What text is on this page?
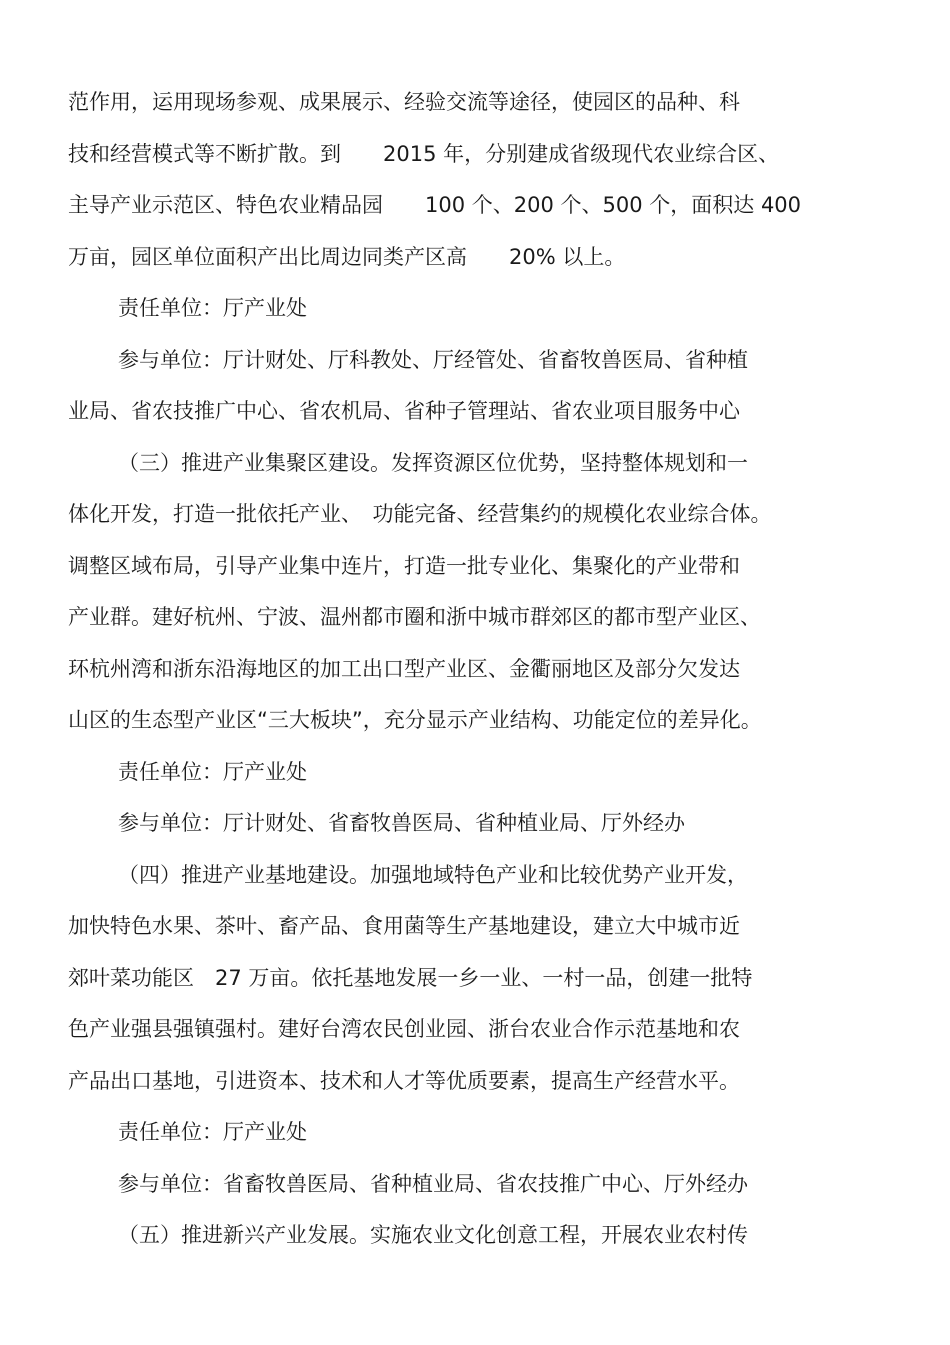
范作用，运用现场参观、成果展示、经验交流等途径，使园区的品种、科

技和经营模式等不断扩散。到　　2015 年，分别建成省级现代农业综合区、

主导产业示范区、特色农业精品园　　100 个、200 个、500 个，面积达 400

万亩，园区单位面积产出比周边同类产区高　　20% 以上。

责任单位：厅产业处

参与单位：厅计财处、厅科教处、厅经管处、省畜牧兽医局、省种植

业局、省农技推广中心、省农机局、省种子管理站、省农业项目服务中心

（三）推进产业集聚区建设。发挥资源区位优势，坚持整体规划和一

体化开发，打造一批依托产业、　功能完备、经营集约的规模化农业综合体。

调整区域布局，引导产业集中连片，打造一批专业化、集聚化的产业带和

产业群。建好杭州、宁波、温州都市圈和浙中城市群郊区的都市型产业区、

环杭州湾和浙东沿海地区的加工出口型产业区、金衢丽地区及部分欠发达

山区的生态型产业区“三大板块”，充分显示产业结构、功能定位的差异化。

责任单位：厅产业处

参与单位：厅计财处、省畜牧兽医局、省种植业局、厅外经办

（四）推进产业基地建设。加强地域特色产业和比较优势产业开发，

加快特色水果、茶叶、畜产品、食用菌等生产基地建设，建立大中城市近

郊叶菜功能区　27 万亩。依托基地发展一乡一业、一村一品，创建一批特

色产业强县强镇强村。建好台湾农民创业园、浙台农业合作示范基地和农

产品出口基地，引进资本、技术和人才等优质要素，提高生产经营水平。

责任单位：厅产业处

参与单位：省畜牧兽医局、省种植业局、省农技推广中心、厅外经办

（五）推进新兴产业发展。实施农业文化创意工程，开展农业农村传
